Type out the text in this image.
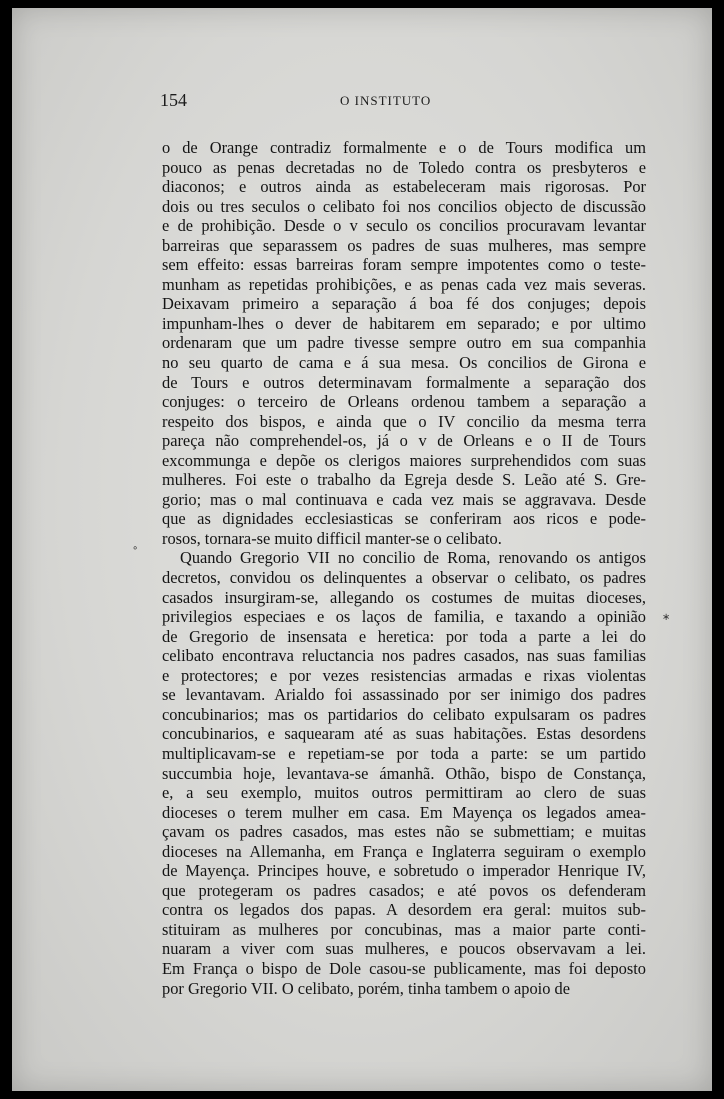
154	O INSTITUTO
o de Orange contradiz formalmente e o de Tours modifica um
pouco as penas decretadas no de Toledo contra os presbyteros e
diaconos; e outros ainda as estabeleceram mais rigorosas. Por
dois ou tres seculos o celibato foi nos concilios objecto de discussão
e de prohibição. Desde o v seculo os concilios procuravam levantar
barreiras que separassem os padres de suas mulheres, mas sempre
sem effeito: essas barreiras foram sempre impotentes como o teste-
munham as repetidas prohibições, e as penas cada vez mais severas.
Deixavam primeiro a separação á boa fé dos conjuges; depois
impunham-lhes o dever de habitarem em separado; e por ultimo
ordenaram que um padre tivesse sempre outro em sua companhia
no seu quarto de cama e á sua mesa. Os concilios de Girona e
de Tours e outros determinavam formalmente a separação dos
conjuges: o terceiro de Orleans ordenou tambem a separação a
respeito dos bispos, e ainda que o IV concilio da mesma terra
pareça não comprehendel-os, já o v de Orleans e o II de Tours
excommunga e depõe os clerigos maiores surprehendidos com suas
mulheres. Foi este o trabalho da Egreja desde S. Leão até S. Gre-
gorio; mas o mal continuava e cada vez mais se aggravava. Desde
que as dignidades ecclesiasticas se conferiram aos ricos e pode-
rosos, tornara-se muito difficil manter-se o celibato.
Quando Gregorio VII no concilio de Roma, renovando os antigos
decretos, convidou os delinquentes a observar o celibato, os padres
casados insurgiram-se, allegando os costumes de muitas dioceses,
privilegios especiaes e os laços de familia, e taxando a opinião
de Gregorio de insensata e heretica: por toda a parte a lei do
celibato encontrava reluctancia nos padres casados, nas suas familias
e protectores; e por vezes resistencias armadas e rixas violentas
se levantavam. Arialdo foi assassinado por ser inimigo dos padres
concubinarios; mas os partidarios do celibato expulsaram os padres
concubinarios, e saquearam até as suas habitações. Estas desordens
multiplicavam-se e repetiam-se por toda a parte: se um partido
succumbia hoje, levantava-se ámanhã. Othão, bispo de Constança,
e, a seu exemplo, muitos outros permittiram ao clero de suas
dioceses o terem mulher em casa. Em Mayença os legados amea-
çavam os padres casados, mas estes não se submettiam; e muitas
dioceses na Allemanha, em França e Inglaterra seguiram o exemplo
de Mayença. Principes houve, e sobretudo o imperador Henrique IV,
que protegeram os padres casados; e até povos os defenderam
contra os legados dos papas. A desordem era geral: muitos sub-
stituiram as mulheres por concubinas, mas a maior parte conti-
nuaram a viver com suas mulheres, e poucos observavam a lei.
Em França o bispo de Dole casou-se publicamente, mas foi deposto
por Gregorio VII. O celibato, porém, tinha tambem o apoio de
∘
∗
